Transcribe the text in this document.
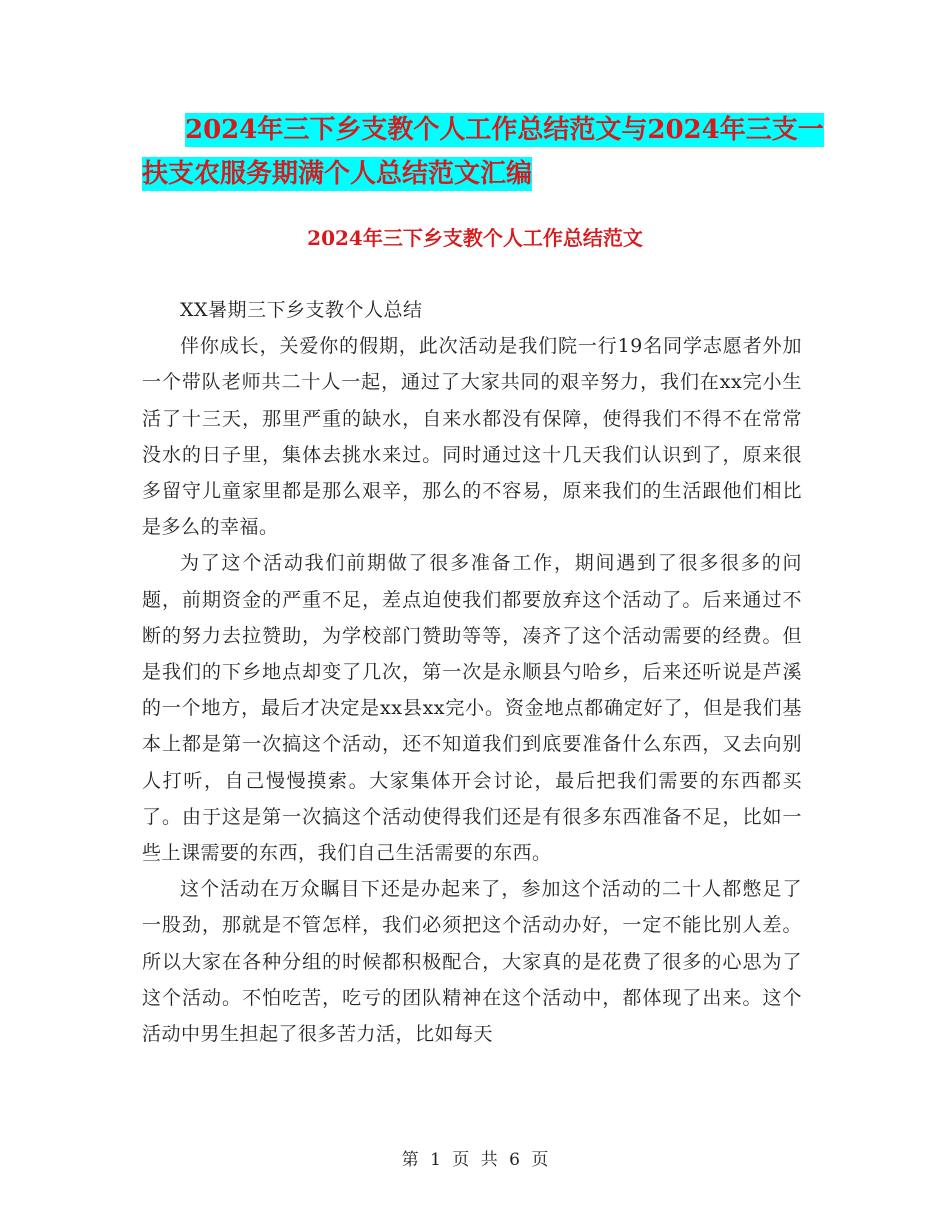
2024年三下乡支教个人工作总结范文与2024年三支一
扶支农服务期满个人总结范文汇编
2024年三下乡支教个人工作总结范文

XX暑期三下乡支教个人总结

伴你成长，关爱你的假期，此次活动是我们院一行19名同学志愿者外加一个带队老师共二十人一起，通过了大家共同的艰辛努力，我们在xx完小生活了十三天，那里严重的缺水，自来水都没有保障，使得我们不得不在常常没水的日子里，集体去挑水来过。同时通过这十几天我们认识到了，原来很多留守儿童家里都是那么艰辛，那么的不容易，原来我们的生活跟他们相比是多么的幸福。

为了这个活动我们前期做了很多准备工作，期间遇到了很多很多的问题，前期资金的严重不足，差点迫使我们都要放弃这个活动了。后来通过不断的努力去拉赞助，为学校部门赞助等等，凑齐了这个活动需要的经费。但是我们的下乡地点却变了几次，第一次是永顺县勺哈乡，后来还听说是芦溪的一个地方，最后才决定是xx县xx完小。资金地点都确定好了，但是我们基本上都是第一次搞这个活动，还不知道我们到底要准备什么东西，又去向别人打听，自己慢慢摸索。大家集体开会讨论，最后把我们需要的东西都买了。由于这是第一次搞这个活动使得我们还是有很多东西准备不足，比如一些上课需要的东西，我们自己生活需要的东西。

这个活动在万众瞩目下还是办起来了，参加这个活动的二十人都憋足了一股劲，那就是不管怎样，我们必须把这个活动办好，一定不能比别人差。所以大家在各种分组的时候都积极配合，大家真的是花费了很多的心思为了这个活动。不怕吃苦，吃亏的团队精神在这个活动中，都体现了出来。这个活动中男生担起了很多苦力活，比如每天

第 1 页 共 6 页
